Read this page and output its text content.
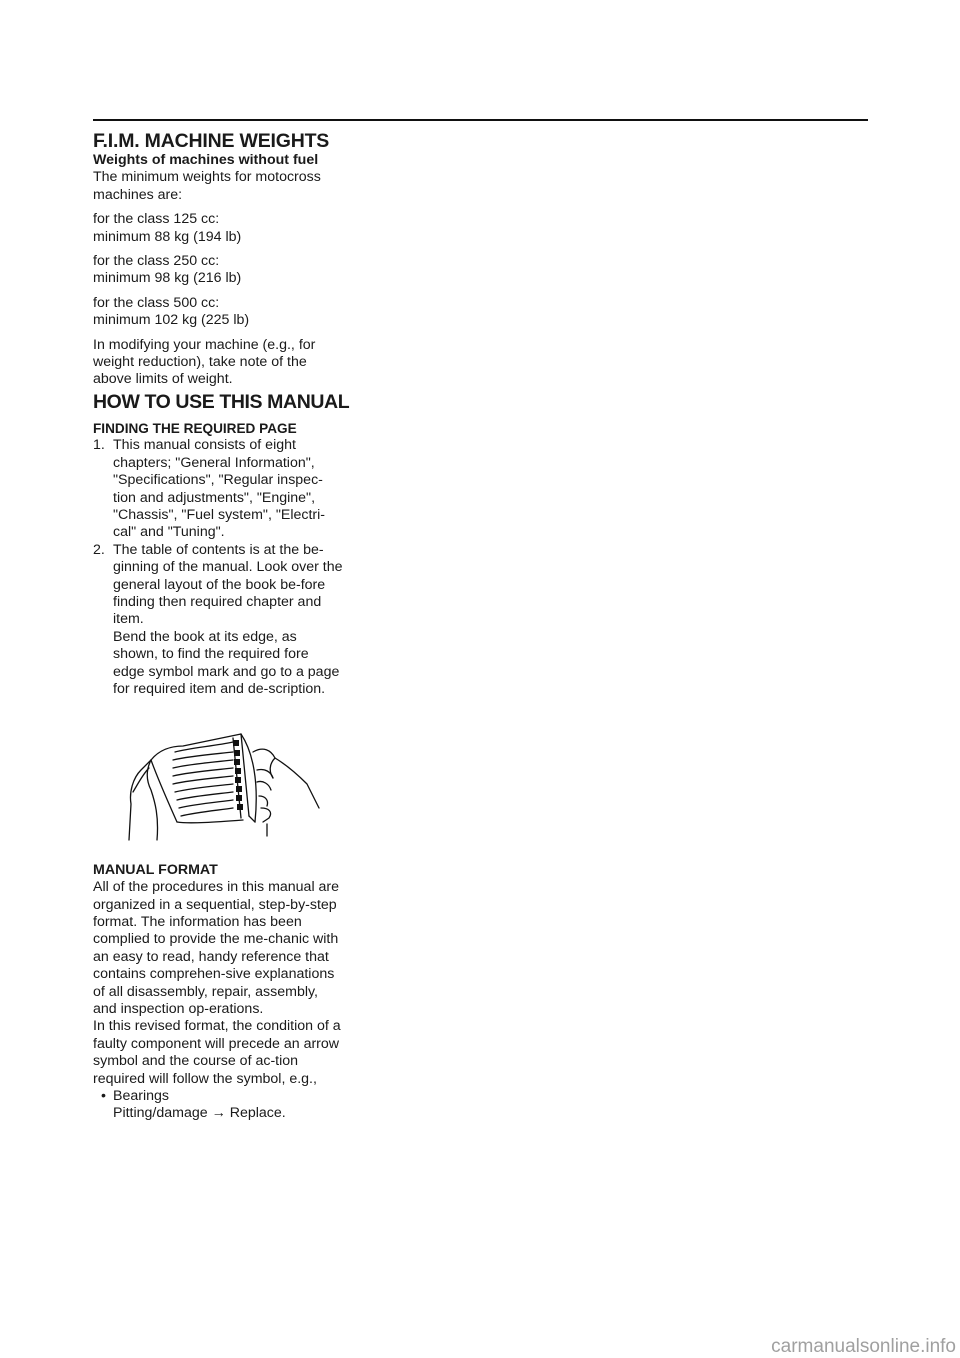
F.I.M. MACHINE WEIGHTS
Weights of machines without fuel

The minimum weights for motocross machines are:

for the class 125 cc:
minimum 88 kg (194 lb)

for the class 250 cc:
minimum 98 kg (216 lb)

for the class 500 cc:
minimum 102 kg (225 lb)

In modifying your machine (e.g., for weight reduction), take note of the above limits of weight.

HOW TO USE THIS MANUAL
FINDING THE REQUIRED PAGE
1. This manual consists of eight chapters; "General Information", "Specifications", "Regular inspec-tion and adjustments", "Engine", "Chassis", "Fuel system", "Electri-cal" and "Tuning".
2. The table of contents is at the be-ginning of the manual. Look over the general layout of the book be-fore finding then required chapter and item.
Bend the book at its edge, as shown, to find the required fore edge symbol mark and go to a page for required item and de-scription.
MANUAL FORMAT

All of the procedures in this manual are organized in a sequential, step-by-step format. The information has been complied to provide the me-chanic with an easy to read, handy reference that contains comprehen-sive explanations of all disassembly, repair, assembly, and inspection op-erations.

In this revised format, the condition of a faulty component will precede an arrow symbol and the course of ac-tion required will follow the symbol, e.g.,

• Bearings
Pitting/damage → Replace.
carmanualsonline.info
